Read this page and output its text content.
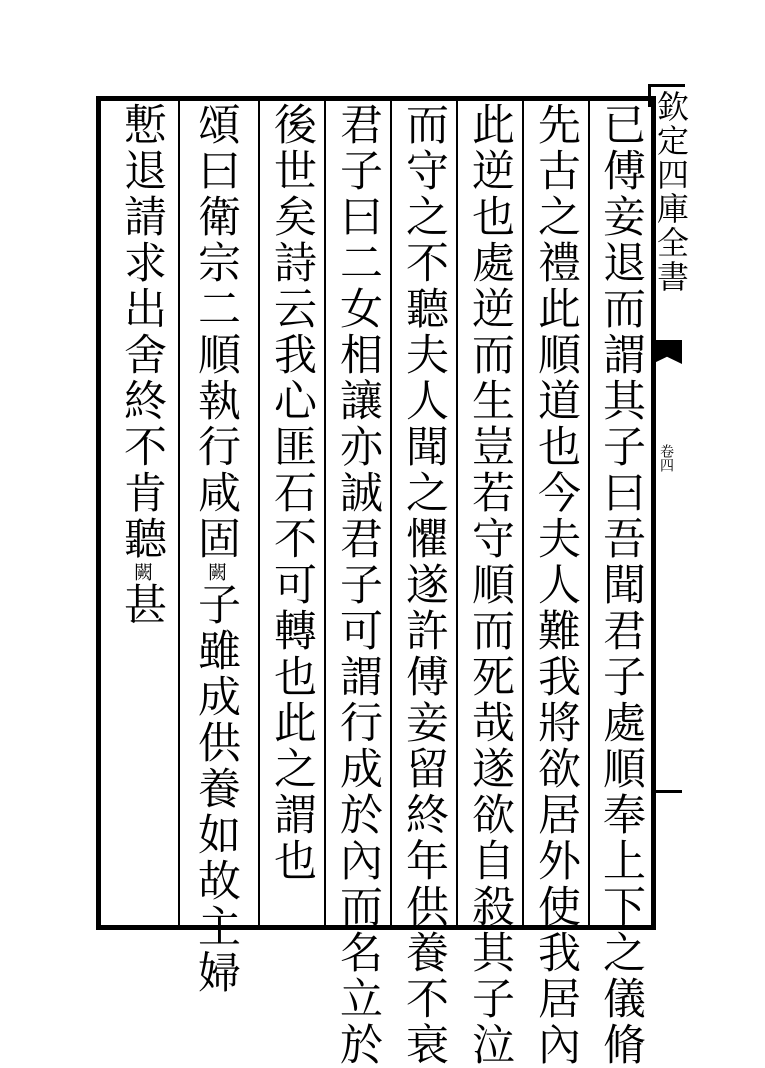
欽定四庫全書
卷四
已傅妾退而謂其子曰吾聞君子處順奉上下之儀脩
先古之禮此順道也今夫人難我將欲居外使我居內
此逆也處逆而生豈若守順而死哉遂欲自殺其子泣
而守之不聽夫人聞之懼遂許傅妾留終年供養不衰
君子曰二女相讓亦誠君子可謂行成於內而名立於
後世矣詩云我心匪石不可轉也此之謂也
頌曰衛宗二順執行咸固闕子雖成供養如故主婦
慙退請求出舍終不肯聽闕甚
